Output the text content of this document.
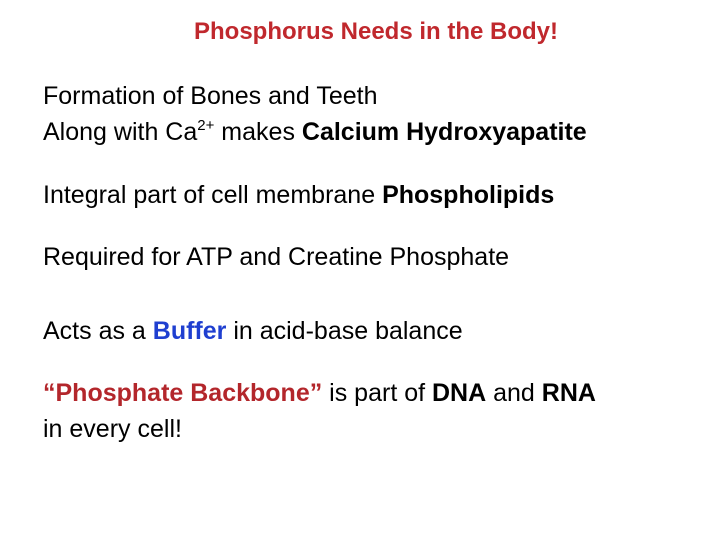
Phosphorus Needs in the Body!
Formation of Bones and Teeth
Along with $Ca^{2+}$ makes Calcium Hydroxyapatite
Integral part of cell membrane Phospholipids
Required for ATP and Creatine Phosphate
Acts as a Buffer in acid-base balance
“Phosphate Backbone” is part of DNA and RNA
in every cell!
